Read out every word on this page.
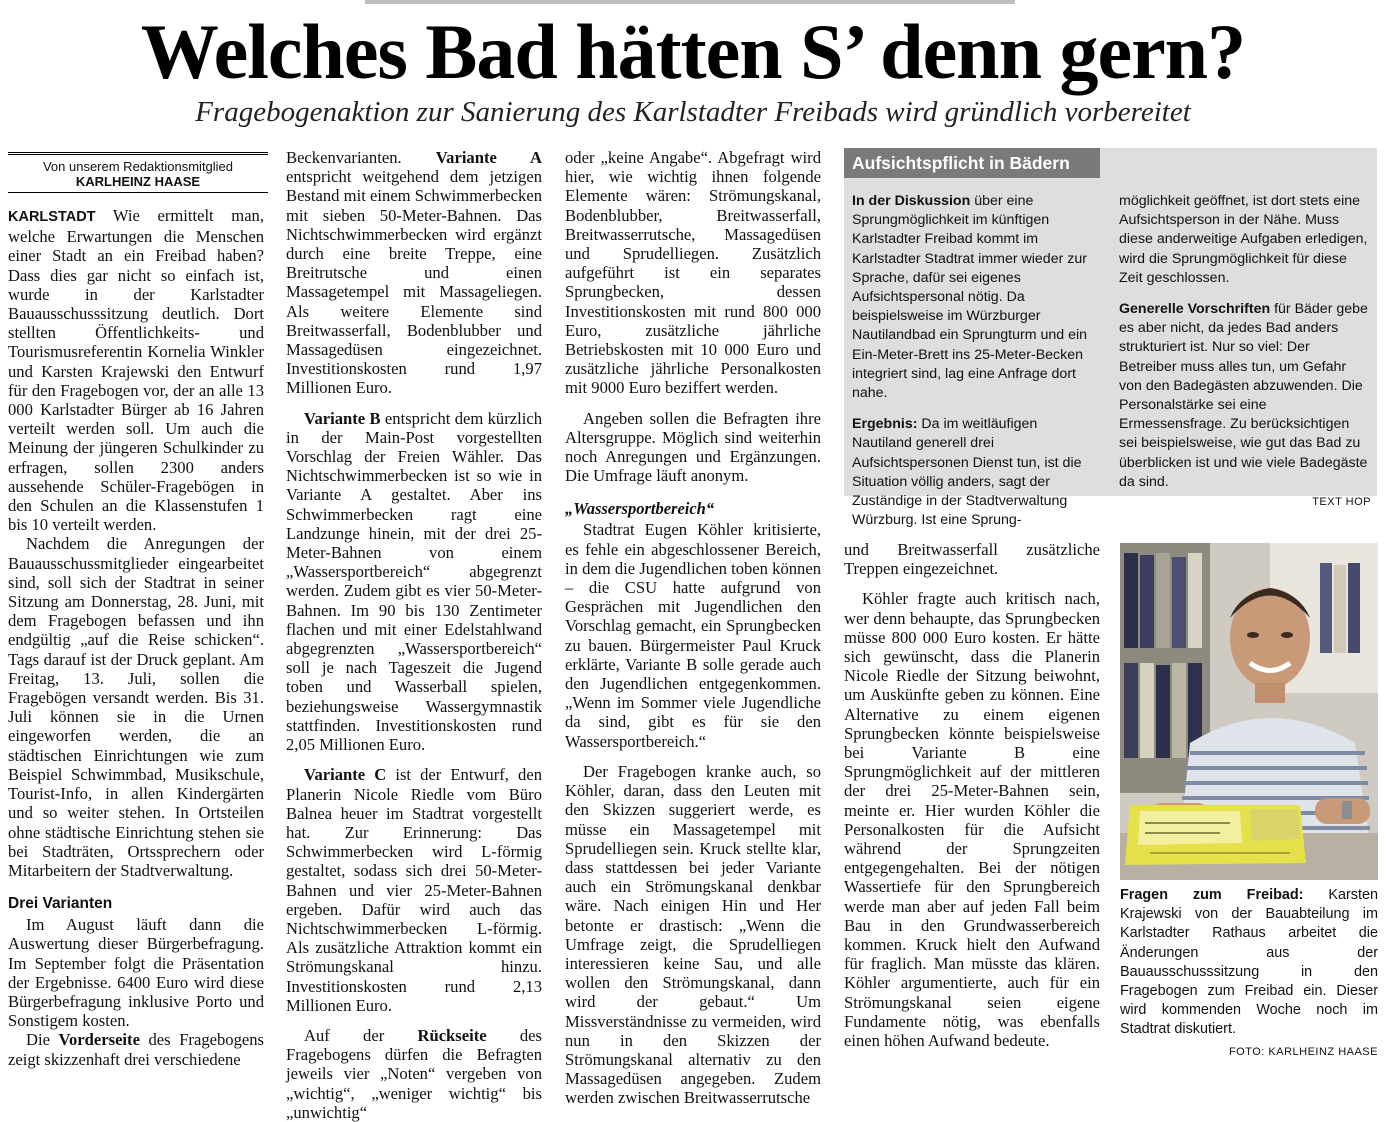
Welches Bad hätten S’ denn gern?
Fragebogenaktion zur Sanierung des Karlstadter Freibads wird gründlich vorbereitet
Von unserem Redaktionsmitglied
KARLHEINZ HAASE

KARLSTADT Wie ermittelt man, welche Erwartungen die Menschen einer Stadt an ein Freibad haben? Dass dies gar nicht so einfach ist, wurde in der Karlstadter Bauausschusssitzung deutlich. Dort stellten Öffentlichkeits- und Tourismusreferentin Kornelia Winkler und Karsten Krajewski den Entwurf für den Fragebogen vor, der an alle 13 000 Karlstadter Bürger ab 16 Jahren verteilt werden soll. Um auch die Meinung der jüngeren Schulkinder zu erfragen, sollen 2300 anders aussehende Schüler-Fragebögen in den Schulen an die Klassenstufen 1 bis 10 verteilt werden.

Nachdem die Anregungen der Bauausschussmitglieder eingearbeitet sind, soll sich der Stadtrat in seiner Sitzung am Donnerstag, 28. Juni, mit dem Fragebogen befassen und ihn endgültig „auf die Reise schicken“. Tags darauf ist der Druck geplant. Am Freitag, 13. Juli, sollen die Fragebögen versandt werden. Bis 31. Juli können sie in die Urnen eingeworfen werden, die an städtischen Einrichtungen wie zum Beispiel Schwimmbad, Musikschule, Tourist-Info, in allen Kindergärten und so weiter stehen. In Ortsteilen ohne städtische Einrichtung stehen sie bei Stadträten, Ortssprechern oder Mitarbeitern der Stadtverwaltung.

Drei Varianten

Im August läuft dann die Auswertung dieser Bürgerbefragung. Im September folgt die Präsentation der Ergebnisse. 6400 Euro wird diese Bürgerbefragung inklusive Porto und Sonstigem kosten.

Die Vorderseite des Fragebogens zeigt skizzenhaft drei verschiedene

Beckenvarianten. Variante A entspricht weitgehend dem jetzigen Bestand mit einem Schwimmerbecken mit sieben 50-Meter-Bahnen. Das Nichtschwimmerbecken wird ergänzt durch eine breite Treppe, eine Breitrutsche und einen Massagetempel mit Massageliegen. Als weitere Elemente sind Breitwasserfall, Bodenblubber und Massagedüsen eingezeichnet. Investitionskosten rund 1,97 Millionen Euro.

Variante B entspricht dem kürzlich in der Main-Post vorgestellten Vorschlag der Freien Wähler. Das Nichtschwimmerbecken ist so wie in Variante A gestaltet. Aber ins Schwimmerbecken ragt eine Landzunge hinein, mit der drei 25-Meter-Bahnen von einem „Wassersportbereich“ abgegrenzt werden. Zudem gibt es vier 50-Meter-Bahnen. Im 90 bis 130 Zentimeter flachen und mit einer Edelstahlwand abgegrenzten „Wassersportbereich“ soll je nach Tageszeit die Jugend toben und Wasserball spielen, beziehungsweise Wassergymnastik stattfinden. Investitionskosten rund 2,05 Millionen Euro.

Variante C ist der Entwurf, den Planerin Nicole Riedle vom Büro Balnea heuer im Stadtrat vorgestellt hat. Zur Erinnerung: Das Schwimmerbecken wird L-förmig gestaltet, sodass sich drei 50-Meter-Bahnen und vier 25-Meter-Bahnen ergeben. Dafür wird auch das Nichtschwimmerbecken L-förmig. Als zusätzliche Attraktion kommt ein Strömungskanal hinzu. Investitionskosten rund 2,13 Millionen Euro.

Auf der Rückseite des Fragebogens dürfen die Befragten jeweils vier „Noten“ vergeben von „wichtig“, „weniger wichtig“ bis „unwichtig“

oder „keine Angabe“. Abgefragt wird hier, wie wichtig ihnen folgende Elemente wären: Strömungskanal, Bodenblubber, Breitwasserfall, Breitwasserrutsche, Massagedüsen und Sprudelliegen. Zusätzlich aufgeführt ist ein separates Sprungbecken, dessen Investitionskosten mit rund 800 000 Euro, zusätzliche jährliche Betriebskosten mit 10 000 Euro und zusätzliche jährliche Personalkosten mit 9000 Euro beziffert werden.

Angeben sollen die Befragten ihre Altersgruppe. Möglich sind weiterhin noch Anregungen und Ergänzungen. Die Umfrage läuft anonym.

„Wassersportbereich“

Stadtrat Eugen Köhler kritisierte, es fehle ein abgeschlossener Bereich, in dem die Jugendlichen toben können – die CSU hatte aufgrund von Gesprächen mit Jugendlichen den Vorschlag gemacht, ein Sprungbecken zu bauen. Bürgermeister Paul Kruck erklärte, Variante B solle gerade auch den Jugendlichen entgegenkommen. „Wenn im Sommer viele Jugendliche da sind, gibt es für sie den Wassersportbereich.“

Der Fragebogen kranke auch, so Köhler, daran, dass den Leuten mit den Skizzen suggeriert werde, es müsse ein Massagetempel mit Sprudelliegen sein. Kruck stellte klar, dass stattdessen bei jeder Variante auch ein Strömungskanal denkbar wäre. Nach einigen Hin und Her betonte er drastisch: „Wenn die Umfrage zeigt, die Sprudelliegen interessieren keine Sau, und alle wollen den Strömungskanal, dann wird der gebaut.“ Um Missverständnisse zu vermeiden, wird nun in den Skizzen der Strömungskanal alternativ zu den Massagedüsen angegeben. Zudem werden zwischen Breitwasserrutsche

Aufsichtspflicht in Bädern

In der Diskussion über eine Sprungmöglichkeit im künftigen Karlstadter Freibad kommt im Karlstadter Stadtrat immer wieder zur Sprache, dafür sei eigenes Aufsichtspersonal nötig. Da beispielsweise im Würzburger Nautilandbad ein Sprungturm und ein Ein-Meter-Brett ins 25-Meter-Becken integriert sind, lag eine Anfrage dort nahe.

Ergebnis: Da im weitläufigen Nautiland generell drei Aufsichtspersonen Dienst tun, ist die Situation völlig anders, sagt der Zuständige in der Stadtverwaltung Würzburg. Ist eine Sprung-

möglichkeit geöffnet, ist dort stets eine Aufsichtsperson in der Nähe. Muss diese anderweitige Aufgaben erledigen, wird die Sprungmöglichkeit für diese Zeit geschlossen.

Generelle Vorschriften für Bäder gebe es aber nicht, da jedes Bad anders strukturiert ist. Nur so viel: Der Betreiber muss alles tun, um Gefahr von den Badegästen abzuwenden. Die Personalstärke sei eine Ermessensfrage. Zu berücksichtigen sei beispielsweise, wie gut das Bad zu überblicken ist und wie viele Badegäste da sind.

TEXT HOP

und Breitwasserfall zusätzliche Treppen eingezeichnet.

Köhler fragte auch kritisch nach, wer denn behaupte, das Sprungbecken müsse 800 000 Euro kosten. Er hätte sich gewünscht, dass die Planerin Nicole Riedle der Sitzung beiwohnt, um Auskünfte geben zu können. Eine Alternative zu einem eigenen Sprungbecken könnte beispielsweise bei Variante B eine Sprungmöglichkeit auf der mittleren der drei 25-Meter-Bahnen sein, meinte er. Hier wurden Köhler die Personalkosten für die Aufsicht während der Sprungzeiten entgegengehalten. Bei der nötigen Wassertiefe für den Sprungbereich werde man aber auf jeden Fall beim Bau in den Grundwasserbereich kommen. Kruck hielt den Aufwand für fraglich. Man müsste das klären. Köhler argumentierte, auch für ein Strömungskanal seien eigene Fundamente nötig, was ebenfalls einen höhen Aufwand bedeute.

Fragen zum Freibad: Karsten Krajewski von der Bauabteilung im Karlstadter Rathaus arbeitet die Änderungen aus der Bauausschusssitzung in den Fragebogen zum Freibad ein. Dieser wird kommenden Woche noch im Stadtrat diskutiert.
FOTO: KARLHEINZ HAASE
